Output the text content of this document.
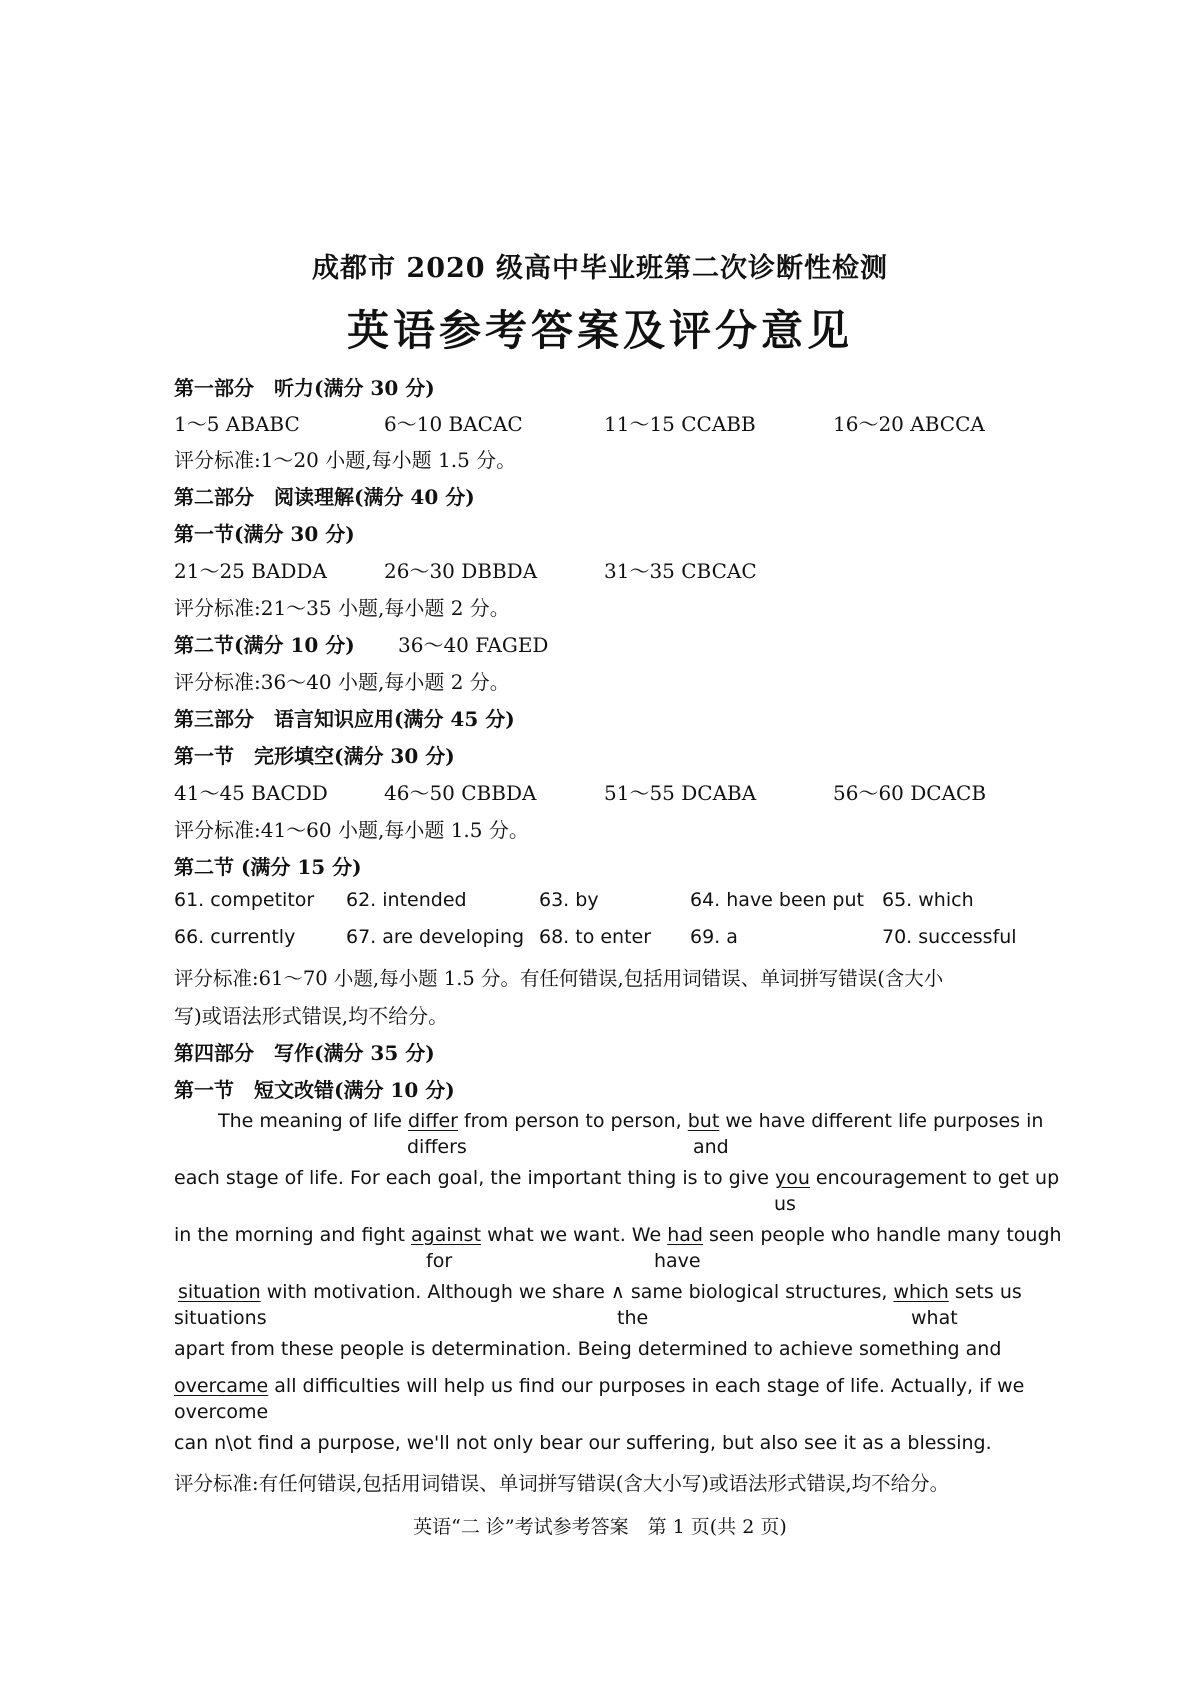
成都市 2020 级高中毕业班第二次诊断性检测
英语参考答案及评分意见
第一部分　听力(满分 30 分)
1～5 ABABC	6～10 BACAC	11～15 CCABB	16～20 ABCCA
评分标准:1～20 小题,每小题 1.5 分。
第二部分　阅读理解(满分 40 分)
第一节(满分 30 分)
21～25 BADDA	26～30 DBBDA	31～35 CBCAC
评分标准:21～35 小题,每小题 2 分。
第二节(满分 10 分) 36～40 FAGED
评分标准:36～40 小题,每小题 2 分。
第三部分　语言知识应用(满分 45 分)
第一节　完形填空(满分 30 分)
41～45 BACDD	46～50 CBBDA	51～55 DCABA	56～60 DCACB
评分标准:41～60 小题,每小题 1.5 分。
第二节 (满分 15 分)
61. competitor 62. intended	63. by	64. have been put 65. which
66. currently	67. are developing 68. to enter 69. a	70. successful
评分标准:61～70 小题,每小题 1.5 分。有任何错误,包括用词错误、单词拼写错误(含大小
写)或语法形式错误,均不给分。
第四部分　写作(满分 35 分)
第一节　短文改错(满分 10 分)
The meaning of life differ from person to person, but we have different life purposes in
differs	and
each stage of life. For each goal, the important thing is to give you encouragement to get up
us
in the morning and fight against what we want. We had seen people who handle many tough
for	have
situation with motivation. Although we share ∧ same biological structures, which sets us
situations	the	what
apart from these people is determination. Being determined to achieve something and
overcame all difficulties will help us find our purposes in each stage of life. Actually, if we
overcome
can n\ot find a purpose, we'll not only bear our suffering, but also see it as a blessing.
评分标准:有任何错误,包括用词错误、单词拼写错误(含大小写)或语法形式错误,均不给分。
英语“二 诊”考试参考答案　第 1 页(共 2 页)
